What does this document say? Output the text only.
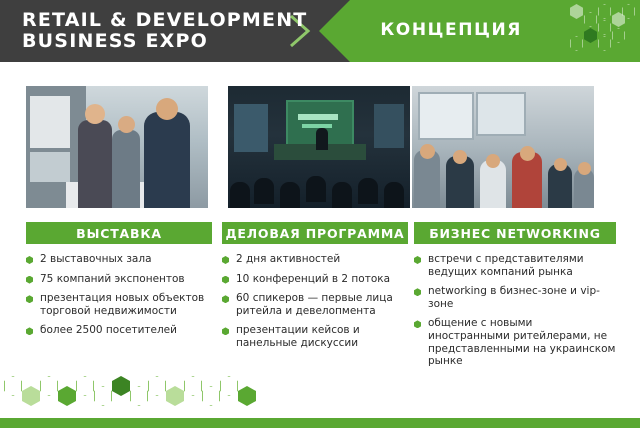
RETAIL & DEVELOPMENT
BUSINESS EXPO	КОНЦЕПЦИЯ
ВЫСТАВКА
2 выставочных зала
75 компаний экспонентов
презентация новых объектов торговой недвижимости
более 2500 посетителей
ДЕЛОВАЯ ПРОГРАММА
2 дня активностей
10 конференций в 2 потока
60 спикеров — первые лица ритейла и девелопмента
презентации кейсов и панельные дискуссии
БИЗНЕС NETWORKING
встречи с представителями ведущих компаний рынка
networking в бизнес-зоне и vip-зоне
общение с новыми иностранными ритейлерами, не представленными на украинском рынке
